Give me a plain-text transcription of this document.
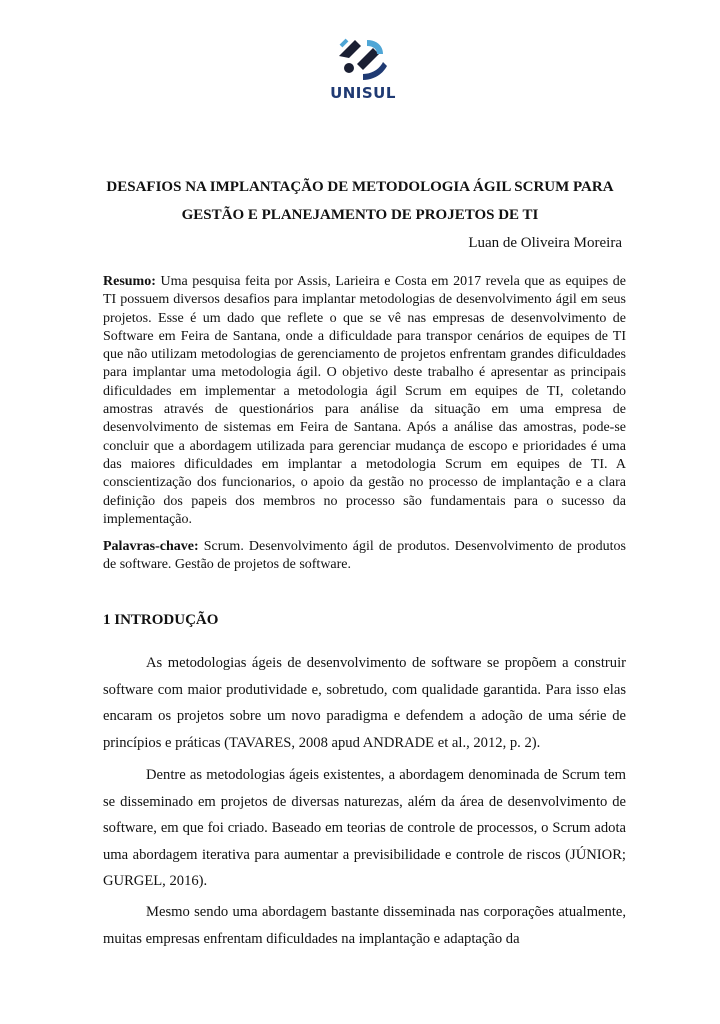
UNISUL
DESAFIOS NA IMPLANTAÇÃO DE METODOLOGIA ÁGIL SCRUM PARA
GESTÃO E PLANEJAMENTO DE PROJETOS DE TI
Luan de Oliveira Moreira
Resumo: Uma pesquisa feita por Assis, Larieira e Costa em 2017 revela que as equipes de TI possuem diversos desafios para implantar metodologias de desenvolvimento ágil em seus projetos. Esse é um dado que reflete o que se vê nas empresas de desenvolvimento de Software em Feira de Santana, onde a dificuldade para transpor cenários de equipes de TI que não utilizam metodologias de gerenciamento de projetos enfrentam grandes dificuldades para implantar uma metodologia ágil. O objetivo deste trabalho é apresentar as principais dificuldades em implementar a metodologia ágil Scrum em equipes de TI, coletando amostras através de questionários para análise da situação em uma empresa de desenvolvimento de sistemas em Feira de Santana. Após a análise das amostras, pode-se concluir que a abordagem utilizada para gerenciar mudança de escopo e prioridades é uma das maiores dificuldades em implantar a metodologia Scrum em equipes de TI. A conscientização dos funcionarios, o apoio da gestão no processo de implantação e a clara definição dos papeis dos membros no processo são fundamentais para o sucesso da implementação.
Palavras-chave: Scrum. Desenvolvimento ágil de produtos. Desenvolvimento de produtos de software. Gestão de projetos de software.
1 INTRODUÇÃO

As metodologias ágeis de desenvolvimento de software se propõem a construir software com maior produtividade e, sobretudo, com qualidade garantida. Para isso elas encaram os projetos sobre um novo paradigma e defendem a adoção de uma série de princípios e práticas (TAVARES, 2008 apud ANDRADE et al., 2012, p. 2).

Dentre as metodologias ágeis existentes, a abordagem denominada de Scrum tem se disseminado em projetos de diversas naturezas, além da área de desenvolvimento de software, em que foi criado. Baseado em teorias de controle de processos, o Scrum adota uma abordagem iterativa para aumentar a previsibilidade e controle de riscos (JÚNIOR; GURGEL, 2016).

Mesmo sendo uma abordagem bastante disseminada nas corporações atualmente, muitas empresas enfrentam dificuldades na implantação e adaptação da
